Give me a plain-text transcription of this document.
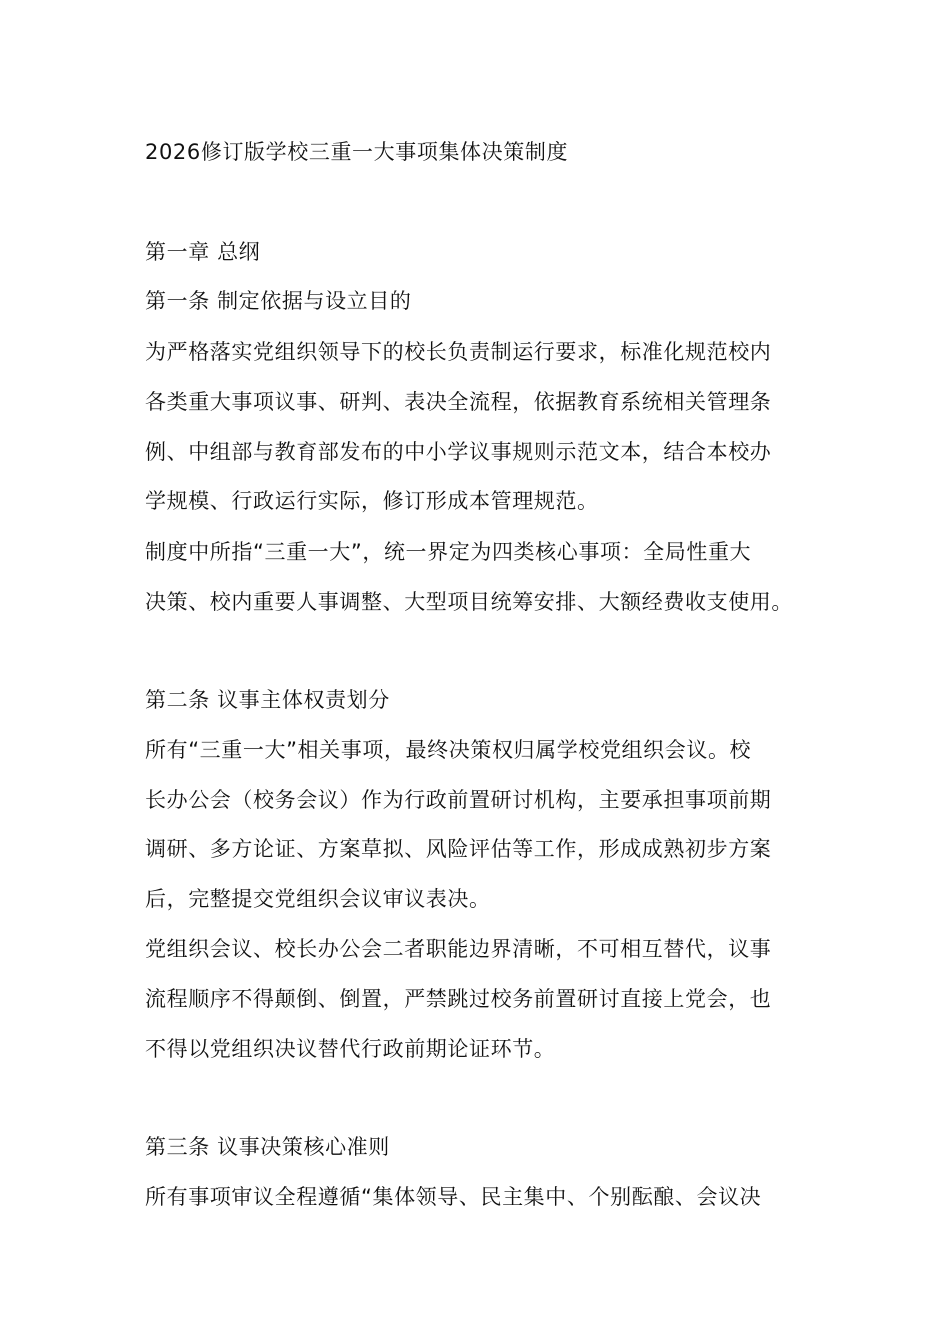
2026修订版学校三重一大事项集体决策制度
第一章 总纲
第一条 制定依据与设立目的
为严格落实党组织领导下的校长负责制运行要求，标准化规范校内
各类重大事项议事、研判、表决全流程，依据教育系统相关管理条
例、中组部与教育部发布的中小学议事规则示范文本，结合本校办
学规模、行政运行实际，修订形成本管理规范。
制度中所指“三重一大”，统一界定为四类核心事项：全局性重大
决策、校内重要人事调整、大型项目统筹安排、大额经费收支使用。
第二条 议事主体权责划分
所有“三重一大”相关事项，最终决策权归属学校党组织会议。校
长办公会（校务会议）作为行政前置研讨机构，主要承担事项前期
调研、多方论证、方案草拟、风险评估等工作，形成成熟初步方案
后，完整提交党组织会议审议表决。
党组织会议、校长办公会二者职能边界清晰，不可相互替代，议事
流程顺序不得颠倒、倒置，严禁跳过校务前置研讨直接上党会，也
不得以党组织决议替代行政前期论证环节。
第三条 议事决策核心准则
所有事项审议全程遵循“集体领导、民主集中、个别酝酿、会议决
